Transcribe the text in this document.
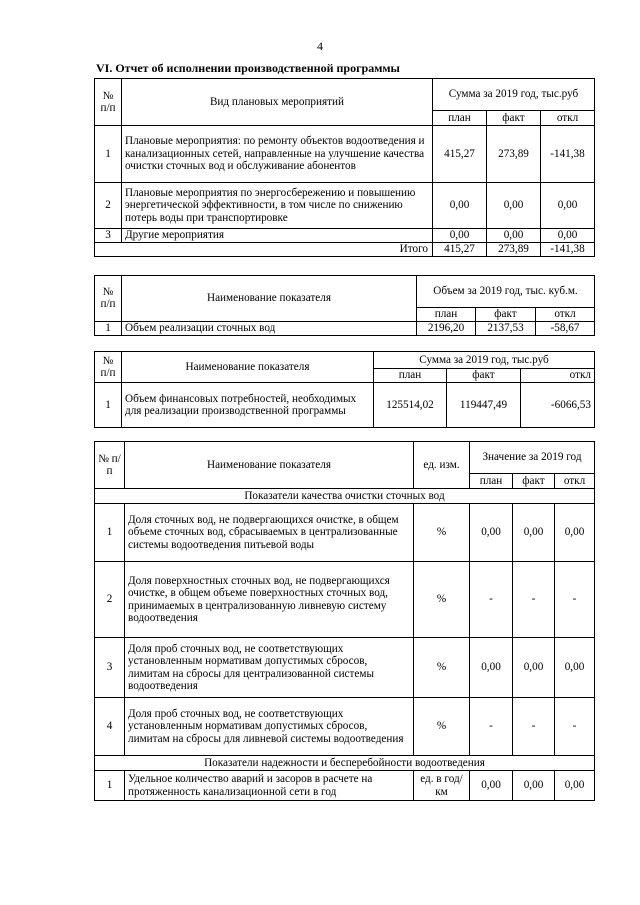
4
VI. Отчет об исполнении производственной программы
№ п/п	Вид плановых мероприятий	Сумма за 2019 год, тыс.руб		
		план	факт	откл
1	Плановые мероприятия: по ремонту объектов водоотведения и канализационных сетей, направленные на улучшение качества очистки сточных вод и обслуживание абонентов	415,27	273,89	-141,38
2	Плановые мероприятия по энергосбережению и повышению энергетической эффективности, в том числе по снижению потерь воды при транспортировке	0,00	0,00	0,00
3	Другие мероприятия	0,00	0,00	0,00
	Итого	415,27	273,89	-141,38
№ п/п	Наименование показателя	Объем за 2019 год, тыс. куб.м.		
		план	факт	откл
1	Объем реализации сточных вод	2196,20	2137,53	-58,67
№ п/п	Наименование показателя	Сумма за 2019 год, тыс.руб		
		план	факт	откл
1	Объем финансовых потребностей, необходимых для реализации производственной программы	125514,02	119447,49	-6066,53
№ п/п	Наименование показателя	ед. изм.	Значение за 2019 год		
			план	факт	откл
Показатели качества очистки сточных вод					
1	Доля сточных вод, не подвергающихся очистке, в общем объеме сточных вод, сбрасываемых в централизованные системы водоотведения питьевой воды	%	0,00	0,00	0,00
2	Доля поверхностных сточных вод, не подвергающихся очистке, в общем объеме поверхностных сточных вод, принимаемых в централизованную ливневую систему водоотведения	%	-	-	-
3	Доля проб сточных вод, не соответствующих установленным нормативам допустимых сбросов, лимитам на сбросы для централизованной системы водоотведения	%	0,00	0,00	0,00
4	Доля проб сточных вод, не соответствующих установленным нормативам допустимых сбросов, лимитам на сбросы для ливневой системы водоотведения	%	-	-	-
Показатели надежности и бесперебойности водоотведения					
1	Удельное количество аварий и засоров в расчете на протяженность канализационной сети в год	ед. в год/ км	0,00	0,00	0,00
